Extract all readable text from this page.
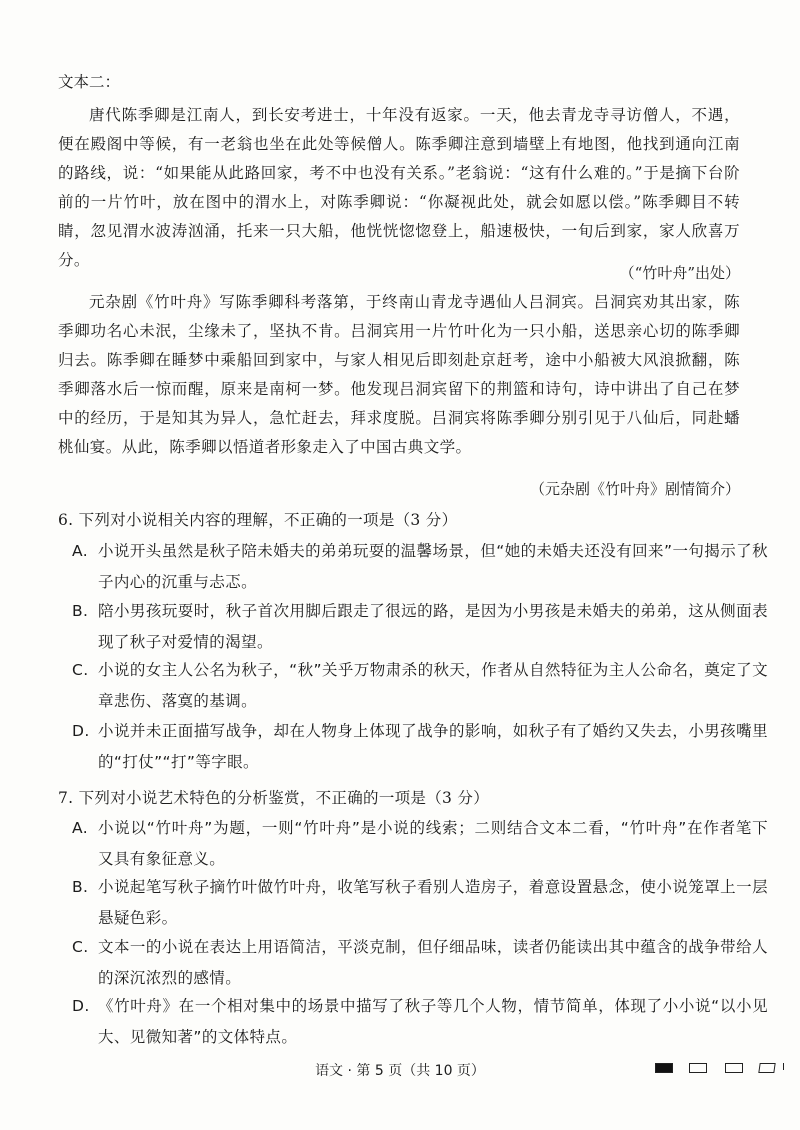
文本二：

唐代陈季卿是江南人，到长安考进士，十年没有返家。一天，他去青龙寺寻访僧人，不遇，便在殿阁中等候，有一老翁也坐在此处等候僧人。陈季卿注意到墙壁上有地图，他找到通向江南的路线，说：“如果能从此路回家，考不中也没有关系。”老翁说：“这有什么难的。”于是摘下台阶前的一片竹叶，放在图中的渭水上，对陈季卿说：“你凝视此处，就会如愿以偿。”陈季卿目不转睛，忽见渭水波涛汹涌，托来一只大船，他恍恍惚惚登上，船速极快，一旬后到家，家人欣喜万分。

（“竹叶舟”出处）

元杂剧《竹叶舟》写陈季卿科考落第，于终南山青龙寺遇仙人吕洞宾。吕洞宾劝其出家，陈季卿功名心未泯，尘缘未了，坚执不肯。吕洞宾用一片竹叶化为一只小船，送思亲心切的陈季卿归去。陈季卿在睡梦中乘船回到家中，与家人相见后即刻赴京赶考，途中小船被大风浪掀翻，陈季卿落水后一惊而醒，原来是南柯一梦。他发现吕洞宾留下的荆篮和诗句，诗中讲出了自己在梦中的经历，于是知其为异人，急忙赶去，拜求度脱。吕洞宾将陈季卿分别引见于八仙后，同赴蟠桃仙宴。从此，陈季卿以悟道者形象走入了中国古典文学。

（元杂剧《竹叶舟》剧情简介）
6. 下列对小说相关内容的理解，不正确的一项是（3 分）

A. 小说开头虽然是秋子陪未婚夫的弟弟玩耍的温馨场景，但“她的未婚夫还没有回来”一句揭示了秋子内心的沉重与忐忑。

B. 陪小男孩玩耍时，秋子首次用脚后跟走了很远的路，是因为小男孩是未婚夫的弟弟，这从侧面表现了秋子对爱情的渴望。

C. 小说的女主人公名为秋子，“秋”关乎万物肃杀的秋天，作者从自然特征为主人公命名，奠定了文章悲伤、落寞的基调。

D. 小说并未正面描写战争，却在人物身上体现了战争的影响，如秋子有了婚约又失去，小男孩嘴里的“打仗”“打”等字眼。

7. 下列对小说艺术特色的分析鉴赏，不正确的一项是（3 分）

A. 小说以“竹叶舟”为题，一则“竹叶舟”是小说的线索；二则结合文本二看，“竹叶舟”在作者笔下又具有象征意义。

B. 小说起笔写秋子摘竹叶做竹叶舟，收笔写秋子看别人造房子，着意设置悬念，使小说笼罩上一层悬疑色彩。

C. 文本一的小说在表达上用语简洁，平淡克制，但仔细品味，读者仍能读出其中蕴含的战争带给人的深沉浓烈的感情。

D. 《竹叶舟》在一个相对集中的场景中描写了秋子等几个人物，情节简单，体现了小小说“以小见大、见微知著”的文体特点。

语文 · 第 5 页（共 10 页）
